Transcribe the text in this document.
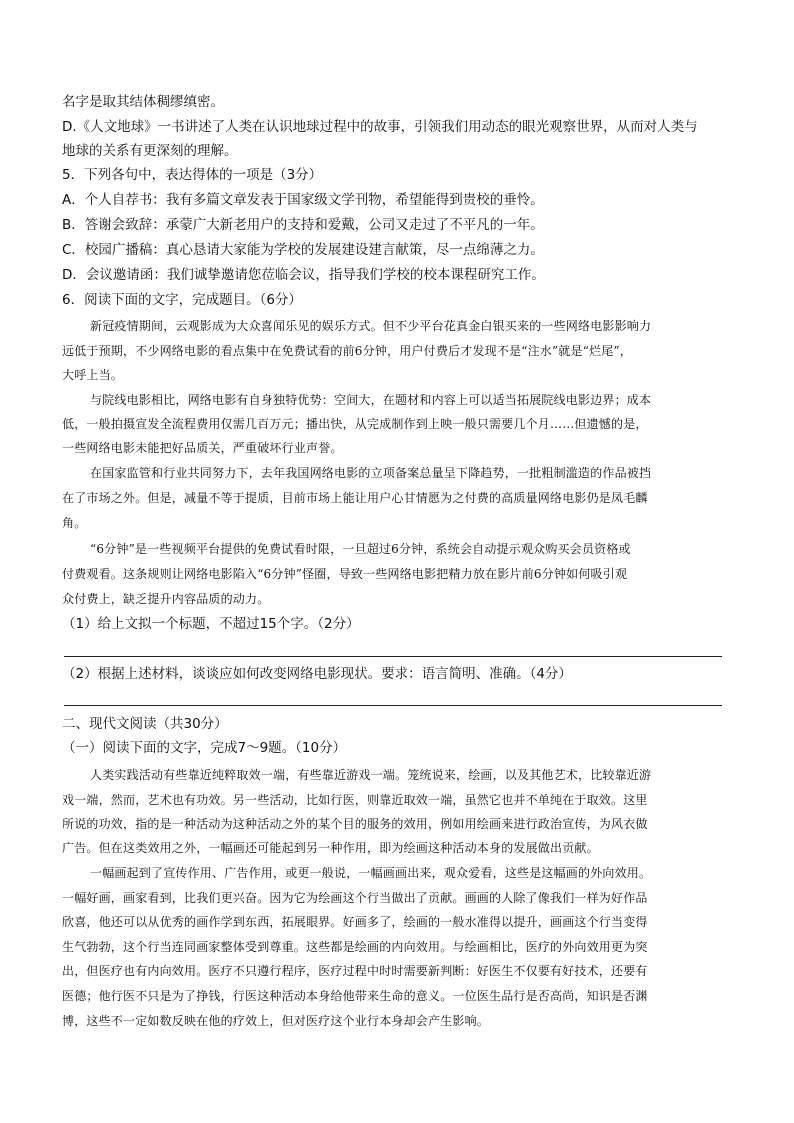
名字是取其结体稠缪缜密。
D.《人文地球》一书讲述了人类在认识地球过程中的故事，引领我们用动态的眼光观察世界，从而对人类与
地球的关系有更深刻的理解。
5．下列各句中，表达得体的一项是（3分）
A．个人自荐书：我有多篇文章发表于国家级文学刊物，希望能得到贵校的垂怜。
B．答谢会致辞：承蒙广大新老用户的支持和爱戴，公司又走过了不平凡的一年。
C．校园广播稿：真心恳请大家能为学校的发展建设建言献策，尽一点绵薄之力。
D．会议邀请函：我们诚挚邀请您莅临会议，指导我们学校的校本课程研究工作。
6．阅读下面的文字，完成题目。（6分）
新冠疫情期间，云观影成为大众喜闻乐见的娱乐方式。但不少平台花真金白银买来的一些网络电影影响力
远低于预期，不少网络电影的看点集中在免费试看的前6分钟，用户付费后才发现不是“注水”就是“烂尾”，
大呼上当。
与院线电影相比，网络电影有自身独特优势：空间大，在题材和内容上可以适当拓展院线电影边界；成本
低，一般拍摄宣发全流程费用仅需几百万元；播出快，从完成制作到上映一般只需要几个月……但遗憾的是，
一些网络电影未能把好品质关，严重破坏行业声誉。
在国家监管和行业共同努力下，去年我国网络电影的立项备案总量呈下降趋势，一批粗制滥造的作品被挡
在了市场之外。但是，减量不等于提质，目前市场上能让用户心甘情愿为之付费的高质量网络电影仍是凤毛麟
角。
“6分钟”是一些视频平台提供的免费试看时限，一旦超过6分钟，系统会自动提示观众购买会员资格或
付费观看。这条规则让网络电影陷入“6分钟”怪圈，导致一些网络电影把精力放在影片前6分钟如何吸引观
众付费上，缺乏提升内容品质的动力。
（1）给上文拟一个标题，不超过15个字。（2分）
（2）根据上述材料，谈谈应如何改变网络电影现状。要求：语言简明、准确。（4分）
二、现代文阅读（共30分）
（一）阅读下面的文字，完成7～9题。（10分）
人类实践活动有些靠近纯粹取效一端，有些靠近游戏一端。笼统说来，绘画，以及其他艺术，比较靠近游
戏一端，然而，艺术也有功效。另一些活动，比如行医，则靠近取效一端，虽然它也并不单纯在于取效。这里
所说的功效，指的是一种活动为这种活动之外的某个目的服务的效用，例如用绘画来进行政治宣传，为风衣做
广告。但在这类效用之外，一幅画还可能起到另一种作用，即为绘画这种活动本身的发展做出贡献。
一幅画起到了宣传作用、广告作用，或更一般说，一幅画画出来，观众爱看，这些是这幅画的外向效用。
一幅好画，画家看到，比我们更兴奋。因为它为绘画这个行当做出了贡献。画画的人除了像我们一样为好作品
欣喜，他还可以从优秀的画作学到东西，拓展眼界。好画多了，绘画的一般水准得以提升，画画这个行当变得
生气勃勃，这个行当连同画家整体受到尊重。这些都是绘画的内向效用。与绘画相比，医疗的外向效用更为突
出，但医疗也有内向效用。医疗不只遵行程序，医疗过程中时时需要新判断：好医生不仅要有好技术，还要有
医德；他行医不只是为了挣钱，行医这种活动本身给他带来生命的意义。一位医生品行是否高尚，知识是否渊
博，这些不一定如数反映在他的疗效上，但对医疗这个业行本身却会产生影响。
